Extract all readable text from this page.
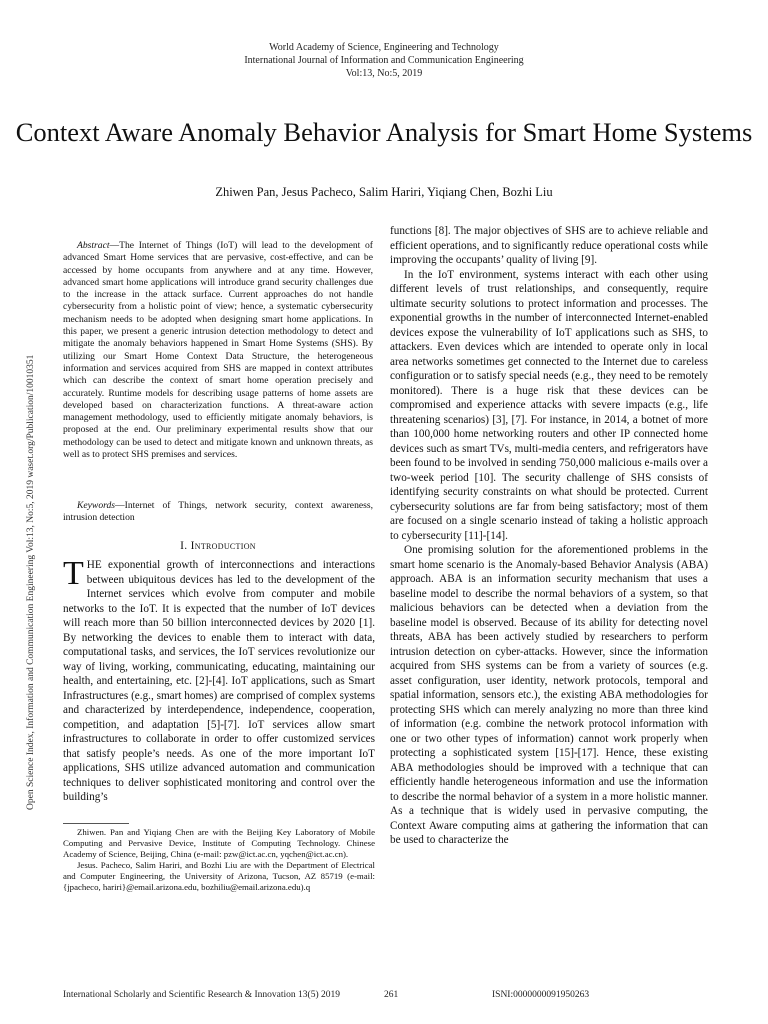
World Academy of Science, Engineering and Technology
International Journal of Information and Communication Engineering
Vol:13, No:5, 2019
Context Aware Anomaly Behavior Analysis for Smart Home Systems
Zhiwen Pan, Jesus Pacheco, Salim Hariri, Yiqiang Chen, Bozhi Liu
Open Science Index, Information and Communication Engineering Vol:13, No:5, 2019 waset.org/Publication/10010351

Abstract—The Internet of Things (IoT) will lead to the development of advanced Smart Home services that are pervasive, cost-effective, and can be accessed by home occupants from anywhere and at any time. However, advanced smart home applications will introduce grand security challenges due to the increase in the attack surface. Current approaches do not handle cybersecurity from a holistic point of view; hence, a systematic cybersecurity mechanism needs to be adopted when designing smart home applications. In this paper, we present a generic intrusion detection methodology to detect and mitigate the anomaly behaviors happened in Smart Home Systems (SHS). By utilizing our Smart Home Context Data Structure, the heterogeneous information and services acquired from SHS are mapped in context attributes which can describe the context of smart home operation precisely and accurately. Runtime models for describing usage patterns of home assets are developed based on characterization functions. A threat-aware action management methodology, used to efficiently mitigate anomaly behaviors, is proposed at the end. Our preliminary experimental results show that our methodology can be used to detect and mitigate known and unknown threats, as well as to protect SHS premises and services.

Keywords—Internet of Things, network security, context awareness, intrusion detection

I. Introduction
THE exponential growth of interconnections and interactions between ubiquitous devices has led to the development of the Internet services which evolve from computer and mobile networks to the IoT. It is expected that the number of IoT devices will reach more than 50 billion interconnected devices by 2020 [1]. By networking the devices to enable them to interact with data, computational tasks, and services, the IoT services revolutionize our way of living, working, communicating, educating, maintaining our health, and entertaining, etc. [2]-[4]. IoT applications, such as Smart Infrastructures (e.g., smart homes) are comprised of complex systems and characterized by interdependence, independence, cooperation, competition, and adaptation [5]-[7]. IoT services allow smart infrastructures to collaborate in order to offer customized services that satisfy people’s needs. As one of the more important IoT applications, SHS utilize advanced automation and communication techniques to deliver sophisticated monitoring and control over the building’s

Zhiwen. Pan and Yiqiang Chen are with the Beijing Key Laboratory of Mobile Computing and Pervasive Device, Institute of Computing Technology. Chinese Academy of Science, Beijing, China (e-mail: pzw@ict.ac.cn, yqchen@ict.ac.cn).

Jesus. Pacheco, Salim Hariri, and Bozhi Liu are with the Department of Electrical and Computer Engineering, the University of Arizona, Tucson, AZ 85719 (e-mail: {jpacheco, hariri}@email.arizona.edu, bozhiliu@email.arizona.edu).q

functions [8]. The major objectives of SHS are to achieve reliable and efficient operations, and to significantly reduce operational costs while improving the occupants’ quality of living [9].

In the IoT environment, systems interact with each other using different levels of trust relationships, and consequently, require ultimate security solutions to protect information and processes. The exponential growths in the number of interconnected Internet-enabled devices expose the vulnerability of IoT applications such as SHS, to attackers. Even devices which are intended to operate only in local area networks sometimes get connected to the Internet due to careless configuration or to satisfy special needs (e.g., they need to be remotely monitored). There is a huge risk that these devices can be compromised and experience attacks with severe impacts (e.g., life threatening scenarios) [3], [7]. For instance, in 2014, a botnet of more than 100,000 home networking routers and other IP connected home devices such as smart TVs, multi-media centers, and refrigerators have been found to be involved in sending 750,000 malicious e-mails over a two-week period [10]. The security challenge of SHS consists of identifying security constraints on what should be protected. Current cybersecurity solutions are far from being satisfactory; most of them are focused on a single scenario instead of taking a holistic approach to cybersecurity [11]-[14].

One promising solution for the aforementioned problems in the smart home scenario is the Anomaly-based Behavior Analysis (ABA) approach. ABA is an information security mechanism that uses a baseline model to describe the normal behaviors of a system, so that malicious behaviors can be detected when a deviation from the baseline model is observed. Because of its ability for detecting novel threats, ABA has been actively studied by researchers to perform intrusion detection on cyber-attacks. However, since the information acquired from SHS systems can be from a variety of sources (e.g. asset configuration, user identity, network protocols, temporal and spatial information, sensors etc.), the existing ABA methodologies for protecting SHS which can merely analyzing no more than three kind of information (e.g. combine the network protocol information with one or two other types of information) cannot work properly when protecting a sophisticated system [15]-[17]. Hence, these existing ABA methodologies should be improved with a technique that can efficiently handle heterogeneous information and use the information to describe the normal behavior of a system in a more holistic manner. As a technique that is widely used in pervasive computing, the Context Aware computing aims at gathering the information that can be used to characterize the

International Scholarly and Scientific Research & Innovation 13(5) 2019	261	ISNI:0000000091950263
